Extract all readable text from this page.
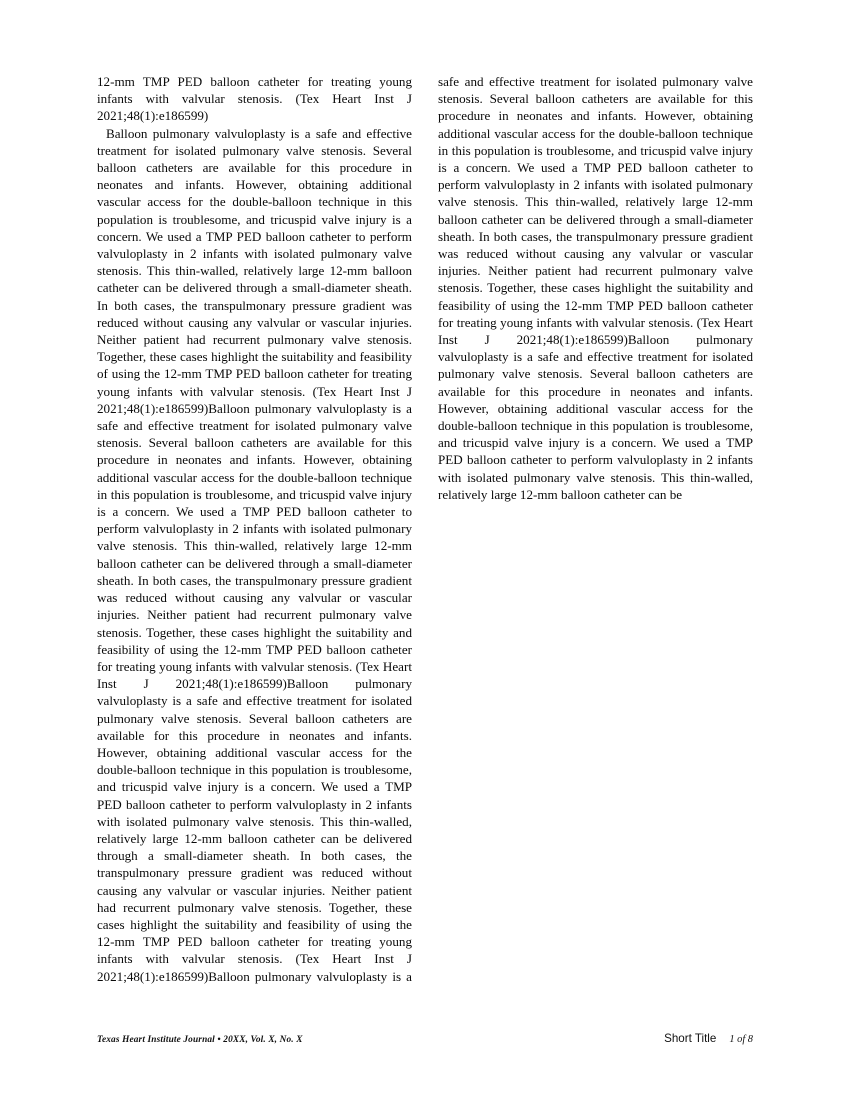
12-mm TMP PED balloon catheter for treating young infants with valvular stenosis. (Tex Heart Inst J 2021;48(1):e186599)

Balloon pulmonary valvuloplasty is a safe and effective treatment for isolated pulmonary valve stenosis. Several balloon catheters are available for this procedure in neonates and infants. However, obtaining additional vascular access for the double-balloon technique in this population is troublesome, and tricuspid valve injury is a concern. We used a TMP PED balloon catheter to perform valvuloplasty in 2 infants with isolated pulmonary valve stenosis. This thin-walled, relatively large 12-mm balloon catheter can be delivered through a small-diameter sheath. In both cases, the transpulmonary pressure gradient was reduced without causing any valvular or vascular injuries. Neither patient had recurrent pulmonary valve stenosis. Together, these cases highlight the suitability and feasibility of using the 12-mm TMP PED balloon catheter for treating young infants with valvular stenosis. (Tex Heart Inst J 2021;48(1):e186599)Balloon pulmonary valvuloplasty is a safe and effective treatment for isolated pulmonary valve stenosis. Several balloon catheters are available for this procedure in neonates and infants. However, obtaining additional vascular access for the double-balloon technique in this population is troublesome, and tricuspid valve injury is a concern. We used a TMP PED balloon catheter to perform valvuloplasty in 2 infants with isolated pulmonary valve stenosis. This thin-walled, relatively large 12-mm balloon catheter can be delivered through a small-diameter sheath. In both cases, the transpulmonary pressure gradient was reduced without causing any valvular or vascular injuries. Neither patient had recurrent pulmonary valve stenosis. Together, these cases highlight the suitability and feasibility of using the 12-mm TMP PED balloon catheter for treating young infants with valvular stenosis. (Tex Heart Inst J 2021;48(1):e186599)Balloon pulmonary valvuloplasty is a safe and effective treatment for isolated pulmonary valve stenosis. Several balloon catheters are available for this procedure in neonates and infants. However, obtaining additional vascular access for the double-balloon technique in this population is troublesome, and tricuspid valve injury is a concern. We used a TMP PED balloon catheter to perform valvuloplasty in 2 infants with isolated pulmonary valve stenosis. This thin-walled, relatively large 12-mm balloon catheter can be delivered through a small-diameter sheath. In both cases, the transpulmonary pressure gradient was reduced without causing any valvular or vascular injuries. Neither patient had recurrent pulmonary valve stenosis. Together, these cases highlight the suitability and feasibility of using the 12-mm TMP PED balloon catheter for treating young infants with valvular stenosis. (Tex Heart Inst J 2021;48(1):e186599)Balloon pulmonary valvuloplasty is a safe and effective treatment for isolated pulmonary valve stenosis. Several balloon catheters are available for this procedure in neonates and infants. However, obtaining additional vascular access for the double-balloon technique in this population is troublesome, and tricuspid valve injury is a concern. We used a TMP PED balloon catheter to perform valvuloplasty in 2 infants with isolated pulmonary valve stenosis. This thin-walled, relatively large 12-mm balloon catheter can be delivered through a small-diameter sheath. In both cases, the transpulmonary pressure gradient was reduced without causing any valvular or vascular injuries. Neither patient had recurrent pulmonary valve stenosis. Together, these cases highlight the suitability and feasibility of using the 12-mm TMP PED balloon catheter for treating young infants with valvular stenosis. (Tex Heart Inst J 2021;48(1):e186599)Balloon pulmonary valvuloplasty is a safe and effective treatment for isolated pulmonary valve stenosis. Several balloon catheters are available for this procedure in neonates and infants. However, obtaining additional vascular access for the double-balloon technique in this population is troublesome, and tricuspid valve injury is a concern. We used a TMP PED balloon catheter to perform valvuloplasty in 2 infants with isolated pulmonary valve stenosis. This thin-walled, relatively large 12-mm balloon catheter can be

Texas Heart Institute Journal • 20XX, Vol. X, No. X	Short Title 1 of 8
